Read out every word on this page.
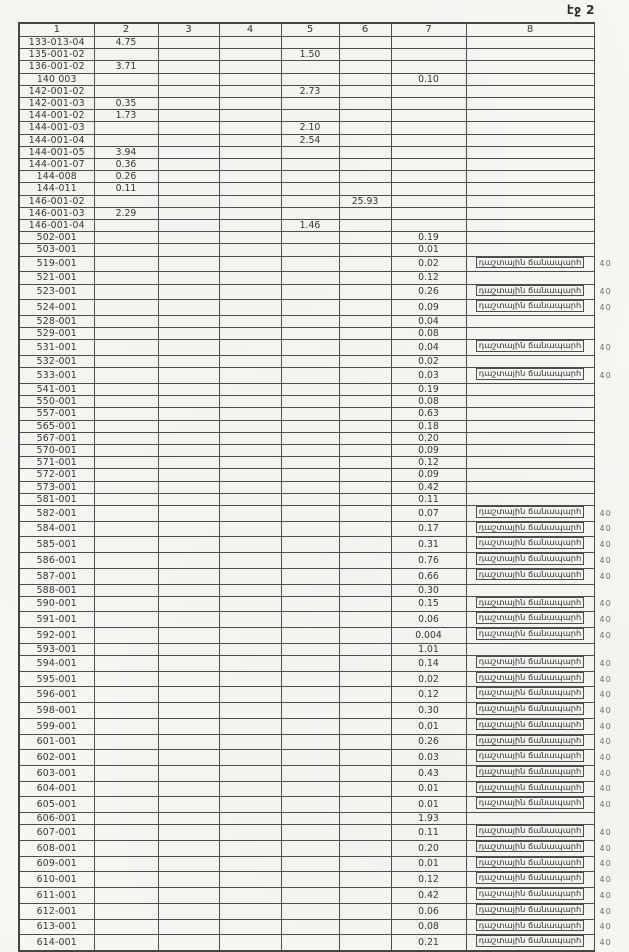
էջ 2
1	2	3	4	5	6	7	8	
133-013-04	4.75							
135-001-02				1.50				
136-001-02	3.71							
140 003						0.10		
142-001-02				2.73				
142-001-03	0.35							
144-001-02	1.73							
144-001-03				2.10				
144-001-04				2.54				
144-001-05	3.94							
144-001-07	0.36							
144-008	0.26							
144-011	0.11							
146-001-02					25.93			
146-001-03	2.29							
146-001-04				1.46				
502-001						0.19		
503-001						0.01		
519-001						0.02	դաշտային ճանապարհ	40
521-001						0.12		
523-001						0.26	դաշտային ճանապարհ	40
524-001						0.09	դաշտային ճանապարհ	40
528-001						0.04		
529-001						0.08		
531-001						0.04	դաշտային ճանապարհ	40
532-001						0.02		
533-001						0.03	դաշտային ճանապարհ	40
541-001						0.19		
550-001						0.08		
557-001						0.63		
565-001						0.18		
567-001						0.20		
570-001						0.09		
571-001						0.12		
572-001						0.09		
573-001						0.42		
581-001						0.11		
582-001						0.07	դաշտային ճանապարհ	40
584-001						0.17	դաշտային ճանապարհ	40
585-001						0.31	դաշտային ճանապարհ	40
586-001						0.76	դաշտային ճանապարհ	40
587-001						0.66	դաշտային ճանապարհ	40
588-001						0.30		
590-001						0.15	դաշտային ճանապարհ	40
591-001						0.06	դաշտային ճանապարհ	40
592-001						0.004	դաշտային ճանապարհ	40
593-001						1.01		
594-001						0.14	դաշտային ճանապարհ	40
595-001						0.02	դաշտային ճանապարհ	40
596-001						0.12	դաշտային ճանապարհ	40
598-001						0.30	դաշտային ճանապարհ	40
599-001						0.01	դաշտային ճանապարհ	40
601-001						0.26	դաշտային ճանապարհ	40
602-001						0.03	դաշտային ճանապարհ	40
603-001						0.43	դաշտային ճանապարհ	40
604-001						0.01	դաշտային ճանապարհ	40
605-001						0.01	դաշտային ճանապարհ	40
606-001						1.93		
607-001						0.11	դաշտային ճանապարհ	40
608-001						0.20	դաշտային ճանապարհ	40
609-001						0.01	դաշտային ճանապարհ	40
610-001						0.12	դաշտային ճանապարհ	40
611-001						0.42	դաշտային ճանապարհ	40
612-001						0.06	դաշտային ճանապարհ	40
613-001						0.08	դաշտային ճանապարհ	40
614-001						0.21	դաշտային ճանապարհ	40
